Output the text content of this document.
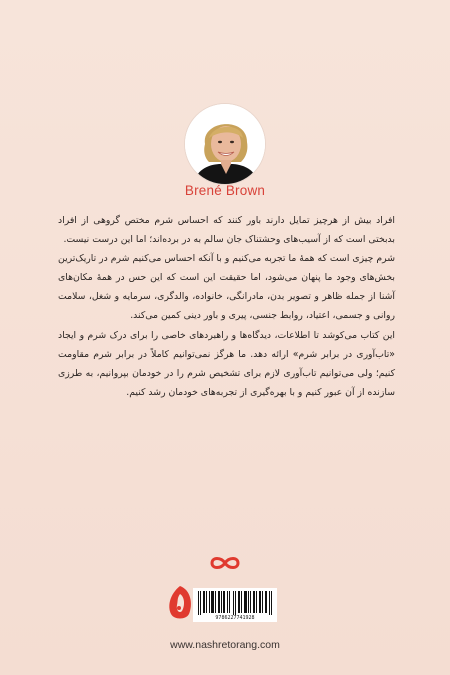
Brené Brown

افراد بیش از هرچیز تمایل دارند باور کنند که احساس شرم مختص گروهی از افراد بدبختی است که از آسیب‌های وحشتناک جان سالم به در برده‌اند؛ اما این درست نیست.

شرم چیزی است که همهٔ ما تجربه می‌کنیم و با آنکه احساس می‌کنیم شرم در تاریک‌ترین بخش‌های وجود ما پنهان می‌شود، اما حقیقت این است که این حس در همهٔ مکان‌های آشنا از جمله ظاهر و تصویر بدن، مادرانگی، خانواده، والدگری، سرمایه و شغل، سلامت روانی و جسمی، اعتیاد، روابط جنسی، پیری و باور دینی کمین می‌کند.

این کتاب می‌کوشد تا اطلاعات، دیدگاه‌ها و راهبردهای خاصی را برای درک شرم و ایجاد «تاب‌آوری در برابر شرم» ارائه دهد. ما هرگز نمی‌توانیم کاملاً در برابر شرم مقاومت کنیم؛ ولی می‌توانیم تاب‌آوری لازم برای تشخیص شرم را در خودمان بپروانیم، به طرزی سازنده از آن عبور کنیم و با بهره‌گیری از تجربه‌های خودمان رشد کنیم.

9786227741928
www.nashretorang.com
